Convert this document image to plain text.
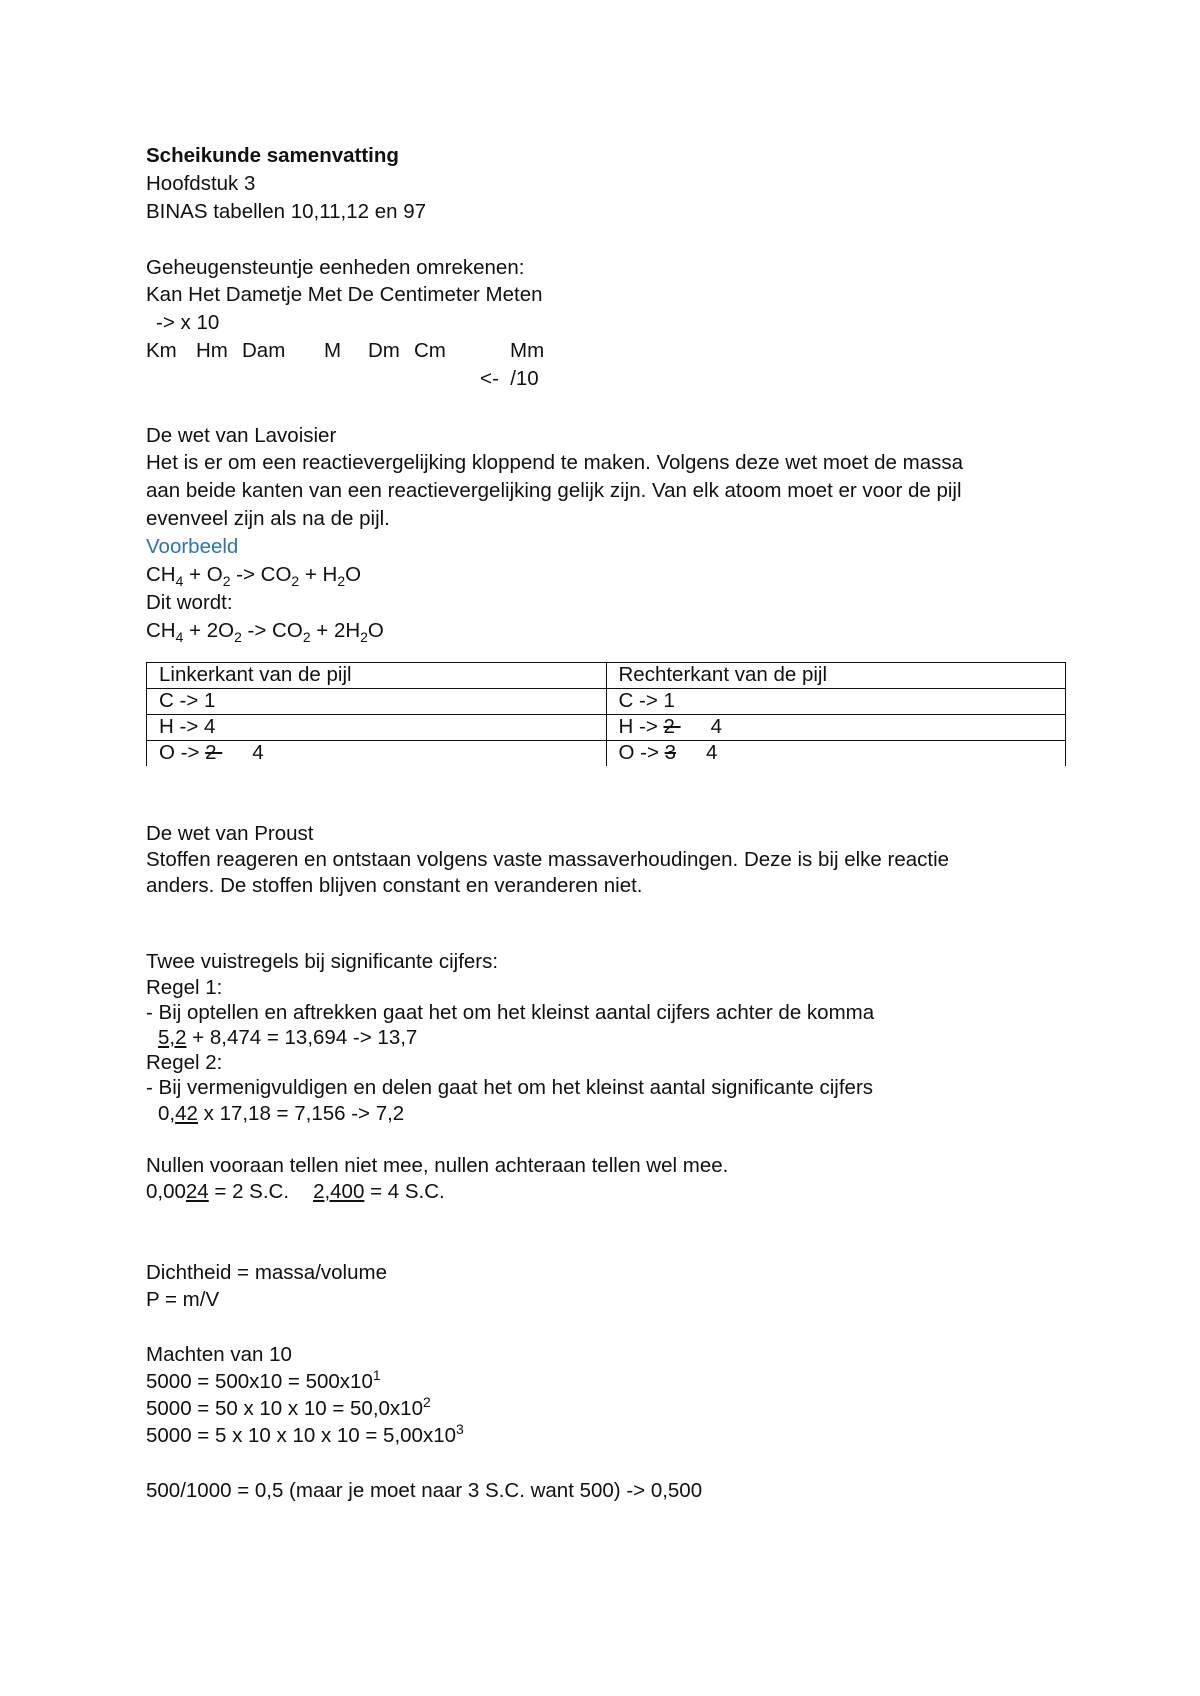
Scheikunde samenvatting
Hoofdstuk 3
BINAS tabellen 10,11,12 en 97
Geheugensteuntje eenheden omrekenen:
Kan Het Dametje Met De Centimeter Meten
-> x 10
Km Hm Dam M Dm Cm	Mm
<-  /10
De wet van Lavoisier
Het is er om een reactievergelijking kloppend te maken. Volgens deze wet moet de massa
aan beide kanten van een reactievergelijking gelijk zijn. Van elk atoom moet er voor de pijl
evenveel zijn als na de pijl.
Voorbeeld
$CH_4 + O_2 -> CO_2 + H_2O$
Dit wordt:
$CH_4 + 2O_2 -> CO_2 + 2H_2O$
Linkerkant van de pijl	Rechterkant van de pijl
C -> 1	C -> 1
H -> 4	H -> 2 4
O -> 2 4	O -> 3 4
De wet van Proust
Stoffen reageren en ontstaan volgens vaste massaverhoudingen. Deze is bij elke reactie
anders. De stoffen blijven constant en veranderen niet.
Twee vuistregels bij significante cijfers:
Regel 1:
- Bij optellen en aftrekken gaat het om het kleinst aantal cijfers achter de komma
5,2 + 8,474 = 13,694 -> 13,7
Regel 2:
- Bij vermenigvuldigen en delen gaat het om het kleinst aantal significante cijfers
0,42 x 17,18 = 7,156 -> 7,2
Nullen vooraan tellen niet mee, nullen achteraan tellen wel mee.
0,0024 = 2 S.C. 2,400 = 4 S.C.
Dichtheid = massa/volume
P = m/V
Machten van 10
$5000 = 500x10 = 500x10^1$
5000 = 50 x 10 x $10 = 50,0x10^2$
5000 = 5 x 10 x 10 x $10 = 5,00x10^3$
500/1000 = 0,5 (maar je moet naar 3 S.C. want 500) -> 0,500
